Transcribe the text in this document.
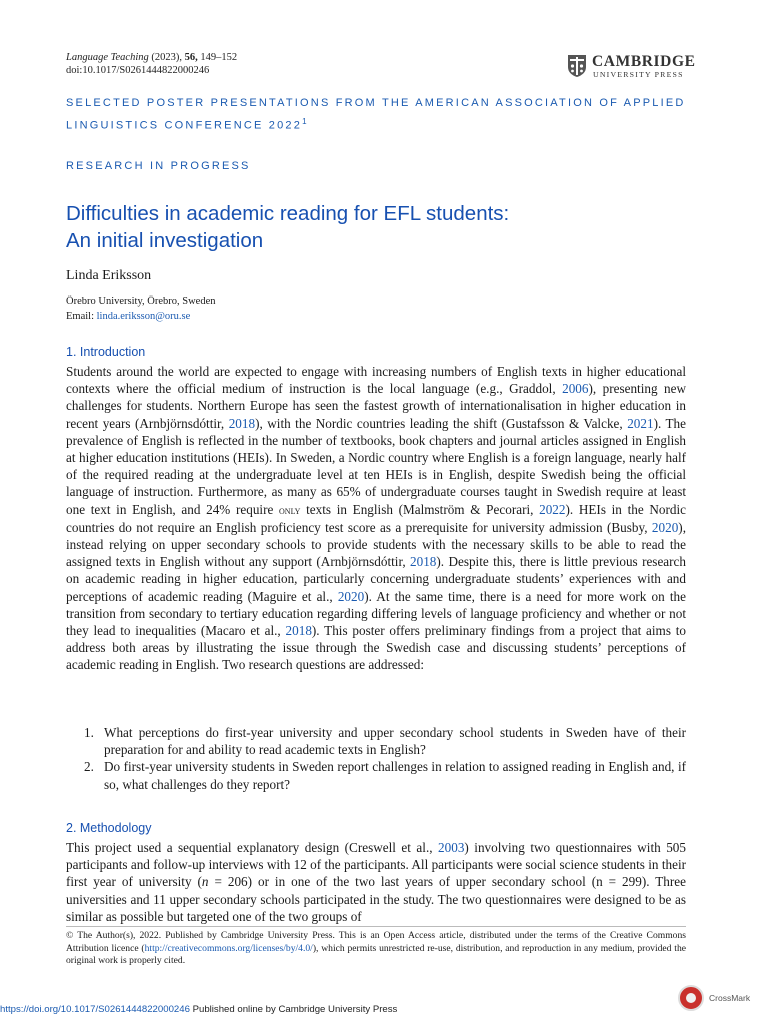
Language Teaching (2023), 56, 149–152
doi:10.1017/S0261444822000246
CAMBRIDGE
UNIVERSITY PRESS
SELECTED POSTER PRESENTATIONS FROM THE AMERICAN ASSOCIATION OF APPLIED
LINGUISTICS CONFERENCE 2022$^1$
RESEARCH IN PROGRESS
Difficulties in academic reading for EFL students:
An initial investigation
Linda Eriksson
Örebro University, Örebro, Sweden
Email: linda.eriksson@oru.se
1. Introduction
Students around the world are expected to engage with increasing numbers of English texts in higher educational contexts where the official medium of instruction is the local language (e.g., Graddol, 2006), presenting new challenges for students. Northern Europe has seen the fastest growth of internationalisation in higher education in recent years (Arnbjörnsdóttir, 2018), with the Nordic countries leading the shift (Gustafsson & Valcke, 2021). The prevalence of English is reflected in the number of textbooks, book chapters and journal articles assigned in English at higher education institutions (HEIs). In Sweden, a Nordic country where English is a foreign language, nearly half of the required reading at the undergraduate level at ten HEIs is in English, despite Swedish being the official language of instruction. Furthermore, as many as 65% of undergraduate courses taught in Swedish require at least one text in English, and 24% require only texts in English (Malmström & Pecorari, 2022). HEIs in the Nordic countries do not require an English proficiency test score as a prerequisite for university admission (Busby, 2020), instead relying on upper secondary schools to provide students with the necessary skills to be able to read the assigned texts in English without any support (Arnbjörnsdóttir, 2018). Despite this, there is little previous research on academic reading in higher education, particularly concerning undergraduate students’ experiences with and perceptions of academic reading (Maguire et al., 2020). At the same time, there is a need for more work on the transition from secondary to tertiary education regarding differing levels of language proficiency and whether or not they lead to inequalities (Macaro et al., 2018). This poster offers preliminary findings from a project that aims to address both areas by illustrating the issue through the Swedish case and discussing students’ perceptions of academic reading in English. Two research questions are addressed:
1. What perceptions do first-year university and upper secondary school students in Sweden have of their preparation for and ability to read academic texts in English?
2. Do first-year university students in Sweden report challenges in relation to assigned reading in English and, if so, what challenges do they report?
2. Methodology
This project used a sequential explanatory design (Creswell et al., 2003) involving two questionnaires with 505 participants and follow-up interviews with 12 of the participants. All participants were social science students in their first year of university (n = 206) or in one of the two last years of upper secondary school (n = 299). Three universities and 11 upper secondary schools participated in the study. The two questionnaires were designed to be as similar as possible but targeted one of the two groups of
© The Author(s), 2022. Published by Cambridge University Press. This is an Open Access article, distributed under the terms of the Creative Commons Attribution licence (http://creativecommons.org/licenses/by/4.0/), which permits unrestricted re-use, distribution, and reproduction in any medium, provided the original work is properly cited.
https://doi.org/10.1017/S0261444822000246 Published online by Cambridge University Press
CrossMark
